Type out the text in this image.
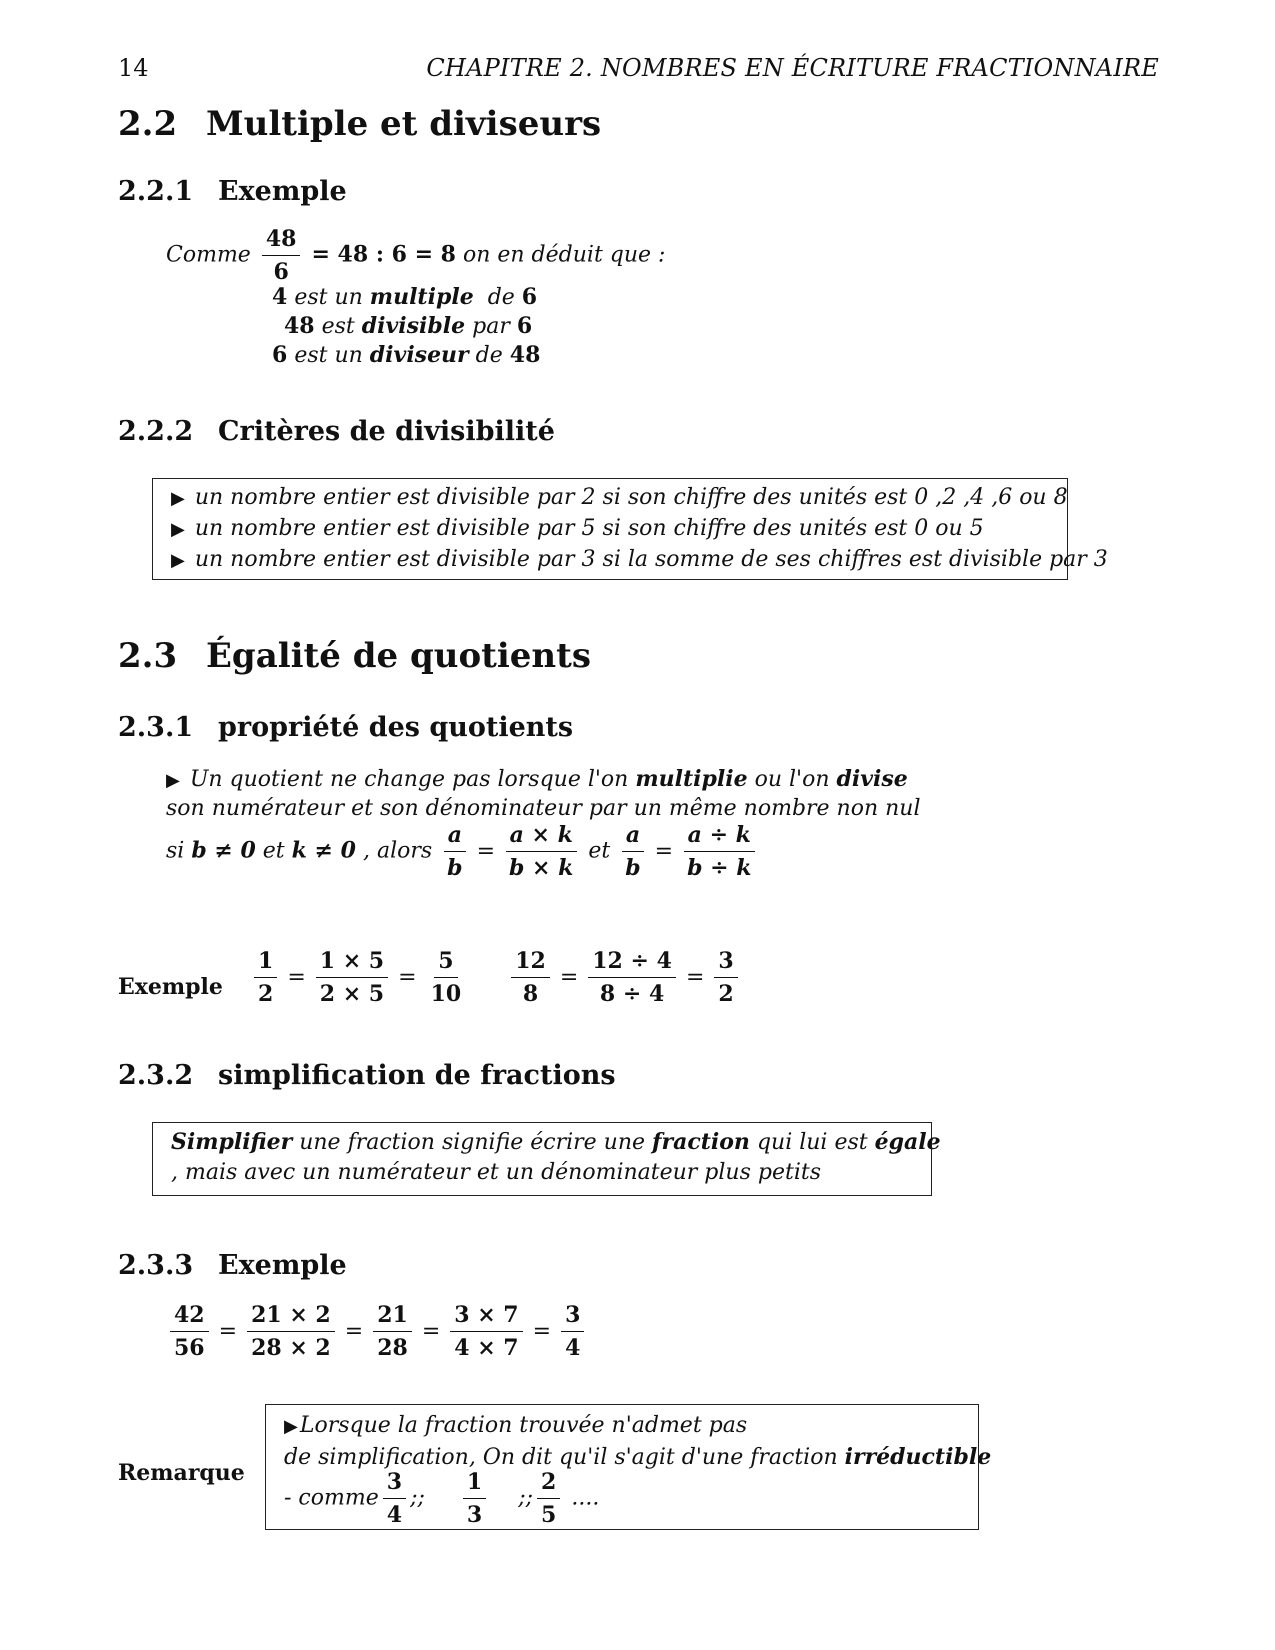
14	CHAPITRE 2. NOMBRES EN ÉCRITURE FRACTIONNAIRE
2.2 Multiple et diviseurs
2.2.1 Exemple
Comme $\frac{48}{6} = 48$ : 6 = 8 on en déduit que :
4 est un multiple de 6
48 est divisible par 6
6 est un diviseur de 48
2.2.2 Critères de divisibilité
▶ un nombre entier est divisible par 2 si son chiffre des unités est 0 ,2 ,4 ,6 ou 8
▶ un nombre entier est divisible par 5 si son chiffre des unités est 0 ou 5
▶ un nombre entier est divisible par 3 si la somme de ses chiffres est divisible par 3
2.3 Égalité de quotients
2.3.1 propriété des quotients
▶ Un quotient ne change pas lorsque l'on multiplie ou l'on divise
son numérateur et son dénominateur par un même nombre non nul
si b ≠ 0 et k ≠ 0 , alors $\frac{a}{b} = \frac{a \times k}{b \times k}$ et $\frac{a}{b} = \frac{a \div k}{b \div k}$
Exemple $\frac{1}{2} = \frac{1 \times 5}{2 \times 5} = \frac{5}{10}$
$\frac{12}{8} = \frac{12 \div 4}{8 \div 4} = \frac{3}{2}$
2.3.2 simplification de fractions
Simplifier une fraction signifie écrire une fraction qui lui est égale
, mais avec un numérateur et un dénominateur plus petits
2.3.3 Exemple
$\frac{42}{56} = \frac{21 \times 2}{28 \times 2} = \frac{21}{28} = \frac{3 \times 7}{4 \times 7} = \frac{3}{4}$
Remarque
▶Lorsque la fraction trouvée n'admet pas
de simplification, On dit qu'il s'agit d'une fraction irréductible
- comme $\frac{3}{4}$ ;; $\frac{1}{3}$ ;; $\frac{2}{5}$ ....
